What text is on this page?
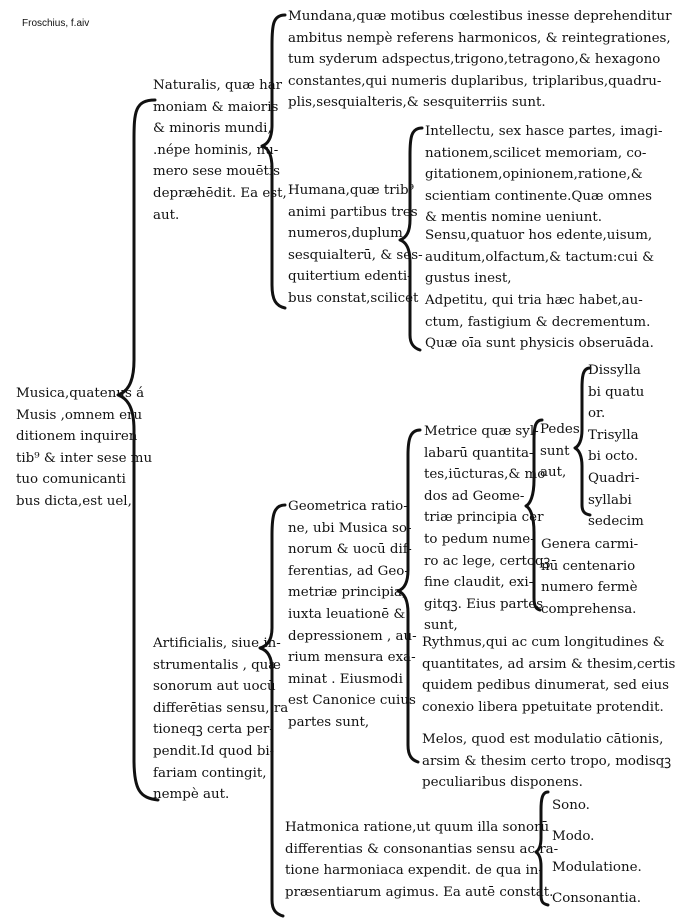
Froschius, f.aiv
Musica,quatenus á
Musis ,omnem eru
ditionem inquiren
tib⁹ & inter sese mu
tuo comunicanti
bus dicta,est uel,
Naturalis, quæ har
moniam & maioris
& minoris mundi,
.népe hominis, nu-
mero sese mouētis
depræhēdit. Ea est,
aut.
Mundana,quæ motibus cœlestibus inesse deprehenditur
ambitus nempè referens harmonicos, & reintegrationes,
tum syderum adspectus,trigono,tetragono,& hexagono
constantes,qui numeris duplaribus, triplaribus,quadru-
plis,sesquialteris,& sesquiterriis sunt.
Humana,quæ trib⁹
animi partibus tres
numeros,duplum,
sesquialterū, & ses-
quitertium edenti-
bus constat,scilicet
Intellectu, sex hasce partes, imagi-
nationem,scilicet memoriam, co-
gitationem,opinionem,ratione,&
scientiam continente.Quæ omnes
& mentis nomine ueniunt.
Sensu,quatuor hos edente,uisum,
auditum,olfactum,& tactum:cui &
gustus inest,
Adpetitu, qui tria hæc habet,au-
ctum, fastigium & decrementum.
Quæ oīa sunt physicis obseruāda.
Artificialis, siue in-
strumentalis , quæ
sonorum aut uocū
differētias sensu, ra
tioneqꝫ certa per-
pendit.Id quod bi-
fariam contingit,
nempè aut.
Geometrica ratio-
ne, ubi Musica so-
norum & uocū dif-
ferentias, ad Geo-
metriæ principia,
iuxta leuationē &
depressionem , au-
rium mensura exa-
minat . Eiusmodi
est Canonice cuius
partes sunt,
Metrice quæ syl-
labarū quantita-
tes,iūcturas,& mo
dos ad Geome-
triæ principia cer
to pedum nume-
ro ac lege, certoqꝫ
fine claudit, exi-
gitqꝫ. Eius partes
sunt,
Pedes
sunt
aut,
Dissylla
bi quatu
or.
Trisylla
bi octo.
Quadri-
syllabi
sedecim
Genera carmi-
nū centenario
numero fermè
comprehensa.
Rythmus,qui ac cum longitudines &
quantitates, ad arsim & thesim,certis
quidem pedibus dinumerat, sed eius
conexio libera ppetuitate protendit.
Melos, quod est modulatio cātionis,
arsim & thesim certo tropo, modisqꝫ
peculiaribus disponens.
Hatmonica ratione,ut quum illa sonorū
differentias & consonantias sensu ac ra-
tione harmoniaca expendit. de qua in-
præsentiarum agimus. Ea autē constat.
Sono.
Modo.
Modulatione.
Consonantia.
